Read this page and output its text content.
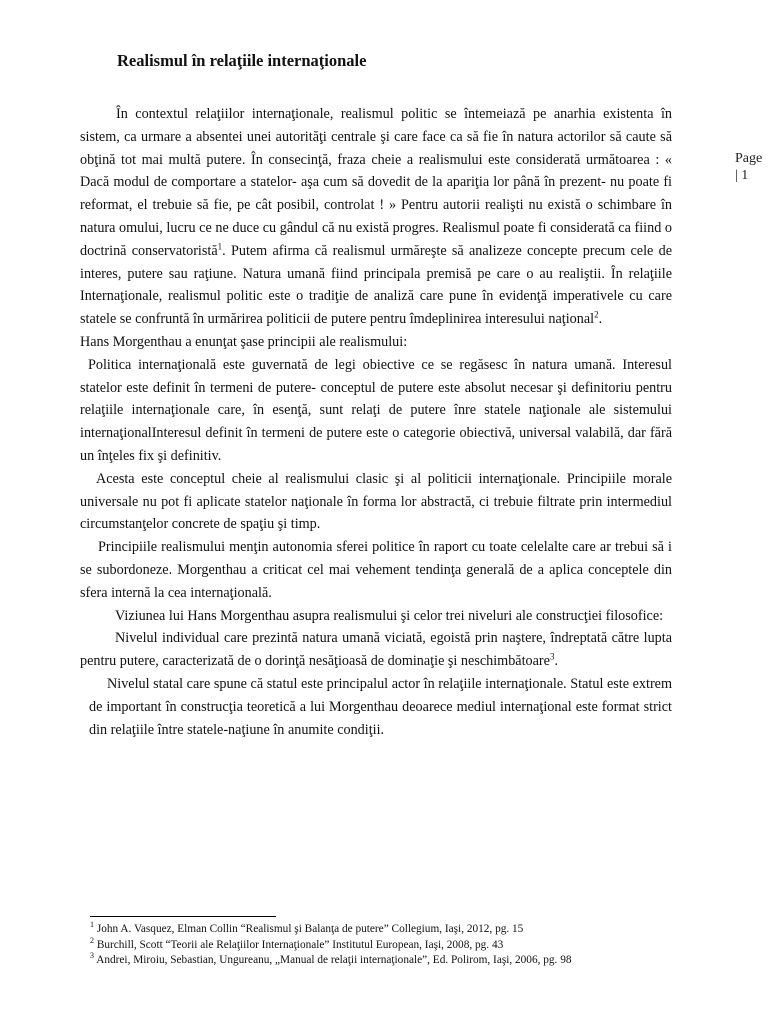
Realismul în relaţiile internaţionale
Page
| 1

În contextul relaţiilor internaţionale, realismul politic se întemeiază pe anarhia existenta în sistem, ca urmare a absentei unei autorităţi centrale şi care face ca să fie în natura actorilor să caute să obţină tot mai multă putere. În consecinţă, fraza cheie a realismului este considerată următoarea : « Dacă modul de comportare a statelor- aşa cum să dovedit de la apariţia lor până în prezent- nu poate fi reformat, el trebuie să fie, pe cât posibil, controlat ! » Pentru autorii realişti nu există o schimbare în natura omului, lucru ce ne duce cu gândul că nu există progres. Realismul poate fi considerată ca fiind o doctrină conservatoristă$^1$. Putem afirma că realismul urmăreşte să analizeze concepte precum cele de interes, putere sau raţiune. Natura umană fiind principala premisă pe care o au realiştii. În relaţiile Internaţionale, realismul politic este o tradiţie de analiză care pune în evidenţă imperativele cu care statele se confruntă în urmărirea politicii de putere pentru îmdeplinirea interesului naţional$^2$.

Hans Morgenthau a enunţat şase principii ale realismului:

Politica internaţională este guvernată de legi obiective ce se regăsesc în natura umană. Interesul statelor este definit în termeni de putere- conceptul de putere este absolut necesar şi definitoriu pentru relaţiile internaţionale care, în esenţă, sunt relaţi de putere înre statele naţionale ale sistemului internaţionalInteresul definit în termeni de putere este o categorie obiectivă, universal valabilă, dar fără un înţeles fix şi definitiv.

Acesta este conceptul cheie al realismului clasic şi al politicii internaţionale. Principiile morale universale nu pot fi aplicate statelor naţionale în forma lor abstractă, ci trebuie filtrate prin intermediul circumstanţelor concrete de spaţiu şi timp.

Principiile realismului menţin autonomia sferei politice în raport cu toate celelalte care ar trebui să i se subordoneze. Morgenthau a criticat cel mai vehement tendinţa generală de a aplica conceptele din sfera internă la cea internaţională.

Viziunea lui Hans Morgenthau asupra realismului şi celor trei niveluri ale construcţiei filosofice:

Nivelul individual care prezintă natura umană viciată, egoistă prin naştere, îndreptată către lupta pentru putere, caracterizată de o dorinţă nesăţioasă de dominaţie şi neschimbătoare$^3$.

Nivelul statal care spune că statul este principalul actor în relaţiile internaţionale. Statul este extrem de important în construcţia teoretică a lui Morgenthau deoarece mediul internaţional este format strict din relaţiile între statele-naţiune în anumite condiţii.

$^1$ John A. Vasquez, Elman Collin “Realismul şi Balanţa de putere” Collegium, Iaşi, 2012, pg. 15
$^2$ Burchill, Scott “Teorii ale Relaţiilor Internaţionale” Institutul European, Iaşi, 2008, pg. 43
$^3$ Andrei, Miroiu, Sebastian, Ungureanu, „Manual de relaţii internaţionale”, Ed. Polirom, Iaşi, 2006, pg. 98
